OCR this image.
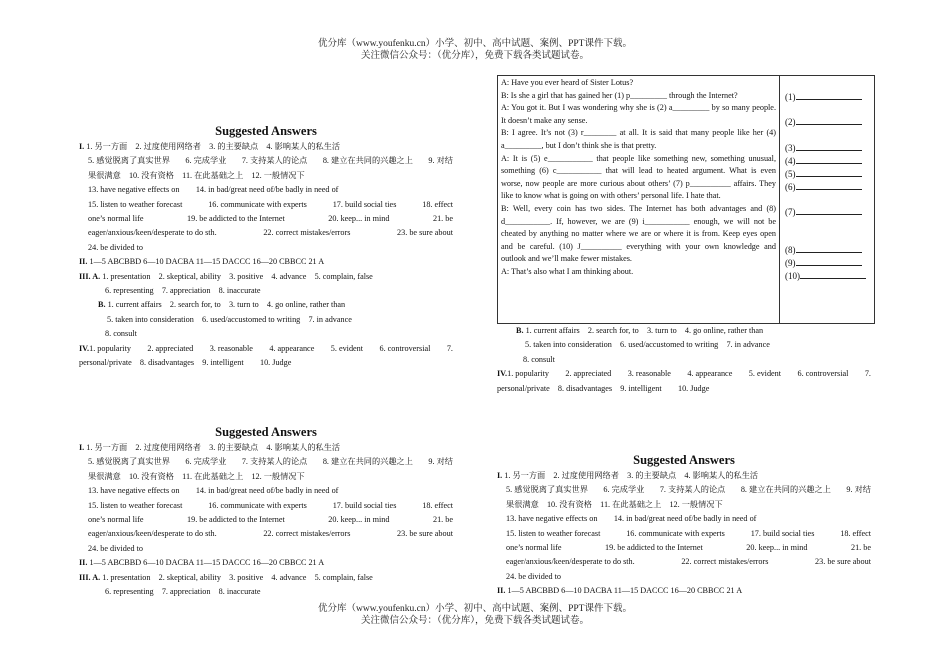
优分库（www.youfenku.cn）小学、初中、高中试题、案例、PPT课件下载。
关注微信公众号：（优分库），免费下载各类试题试卷。
Suggested Answers
I. 1. 另一方面　2. 过度使用网络者　3. 的主要缺点　4. 影响某人的私生活
5. 感觉脱离了真实世界 6. 完成学业 7. 支持某人的论点 8. 建立在共同的兴趣之上 9. 对结
果很满意　10. 没有资格　11. 在此基础之上　12. 一般情况下
13. have negative effects on　　14. in bad/great need of/be badly in need of
15. listen to weather forecast	16. communicate with experts	17. build social ties	18. effect
one’s normal life	19. be addicted to the Internet	20. keep... in mind	21. be
eager/anxious/keen/desperate to do sth.	22. correct mistakes/errors	23. be sure about
24. be divided to
II. 1—5 ABCBBD 6—10 DACBA 11—15 DACCC 16—20 CBBCC 21 A
III. A. 1. presentation　2. skeptical, ability　3. positive　4. advance　5. complain, false
6. representing　7. appreciation　8. inaccurate
B. 1. current affairs　2. search for, to　3. turn to　4. go online, rather than
5. taken into consideration　6. used/accustomed to writing　7. in advance
8. consult
IV.1. popularity 2. appreciated 3. reasonable 4. appearance 5. evident 6. controversial 7.
personal/private　8. disadvantages　9. intelligent　　10. Judge
Suggested Answers
I. 1. 另一方面　2. 过度使用网络者　3. 的主要缺点　4. 影响某人的私生活
5. 感觉脱离了真实世界 6. 完成学业 7. 支持某人的论点 8. 建立在共同的兴趣之上 9. 对结
果很满意　10. 没有资格　11. 在此基础之上　12. 一般情况下
13. have negative effects on　　14. in bad/great need of/be badly in need of
15. listen to weather forecast	16. communicate with experts	17. build social ties	18. effect
one’s normal life	19. be addicted to the Internet	20. keep... in mind	21. be
eager/anxious/keen/desperate to do sth.	22. correct mistakes/errors	23. be sure about
24. be divided to
II. 1—5 ABCBBD 6—10 DACBA 11—15 DACCC 16—20 CBBCC 21 A
III. A. 1. presentation　2. skeptical, ability　3. positive　4. advance　5. complain, false
6. representing　7. appreciation　8. inaccurate

A: Have you ever heard of Sister Lotus?

B: Is she a girl that has gained her (1) p_________ through the Internet?

A: You got it. But I was wondering why she is (2) a_________ by so many people. It doesn’t make any sense.

B: I agree. It’s not (3) r________ at all. It is said that many people like her (4) a_________, but I don’t think she is that pretty.

A: It is (5) e___________ that people like something new, something unusual, something (6) c___________ that will lead to heated argument. What is even worse, now people are more curious about others’ (7) p__________ affairs. They like to know what is going on with others’ personal life. I hate that.

B: Well, every coin has two sides. The Internet has both advantages and (8) d___________. If, however, we are (9) i___________ enough, we will not be cheated by anything no matter where we are or where it is from. Keep eyes open and be careful. (10) J__________ everything with your own knowledge and outlook and we’ll make fewer mistakes.

A: That’s also what I am thinking about.

(1)
(2)
(3)
(4)
(5)
(6)
(7)
(8)
(9)
(10)
B. 1. current affairs　2. search for, to　3. turn to　4. go online, rather than
5. taken into consideration　6. used/accustomed to writing　7. in advance
8. consult
IV.1. popularity 2. appreciated 3. reasonable 4. appearance 5. evident 6. controversial 7.
personal/private　8. disadvantages　9. intelligent　　10. Judge
Suggested Answers
I. 1. 另一方面　2. 过度使用网络者　3. 的主要缺点　4. 影响某人的私生活
5. 感觉脱离了真实世界 6. 完成学业 7. 支持某人的论点 8. 建立在共同的兴趣之上 9. 对结
果很满意　10. 没有资格　11. 在此基础之上　12. 一般情况下
13. have negative effects on　　14. in bad/great need of/be badly in need of
15. listen to weather forecast	16. communicate with experts	17. build social ties	18. effect
one’s normal life	19. be addicted to the Internet	20. keep... in mind	21. be
eager/anxious/keen/desperate to do sth.	22. correct mistakes/errors	23. be sure about
24. be divided to
II. 1—5 ABCBBD 6—10 DACBA 11—15 DACCC 16—20 CBBCC 21 A
优分库（www.youfenku.cn）小学、初中、高中试题、案例、PPT课件下载。
关注微信公众号：（优分库），免费下载各类试题试卷。
